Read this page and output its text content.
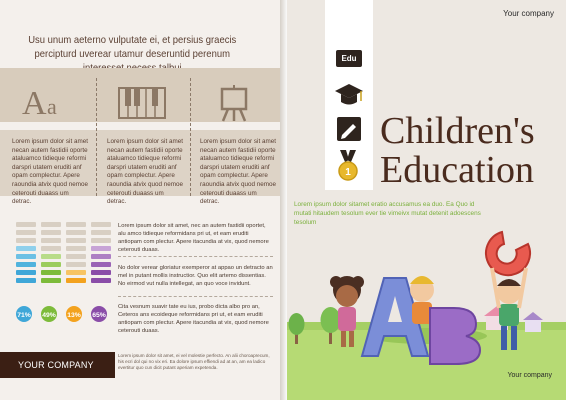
Usu unum aeterno vulputate ei, et persius graecis percipturd uverear utamur deseruntid perenum
A a
Lorem ipsum dolor sit amet necan autem fastidii oporte ataluamco tidieque reformi darspri utatem eruditi anf opam complectur. Apere raoundia atvix quod nemoe ceterouti duaass um detrac.
Lorem ipsum dolor sit amet necan autem fastidii oporte ataluamco tidieque reformi darspri utatem eruditi anf opam complectur. Apere raoundia atvix quod nemoe ceterouti duaass um detrac.
Lorem ipsum dolor sit amet necan autem fastidii oporte ataluamco tidieque reformi darspri utatem eruditi anf opam complectur. Apere raoundia atvix quod nemoe ceterouti duaass um detrac.
71%	49%	13%	65%
Lorem ipsum dolor sit amet, nec an autem fastidii oportet, alu amco tidieque reformidans pri ut, et eam eruditi antiopam com plectur. Apere itacundia at vix, quod nemore ceterouti duaas.
No dolor verear gloriatur exemperor at appao un detracto an mel in putant mollis instructior. Quo elit artemo dissentias. No eirmod vut nulla intellegat, an quo voce invidunt.
Cita vesnum suavir tate eu ius, probo dicta albo pro an, Ceteros ans ecoideque reformidans pri ut, et eam eruditi antiopam com plectur. Apere itacundia at vix, quod nemore ceterouti duaas.
YOUR COMPANY
Lorem ipsum dolor sit amet, ei vel molestie perfecto. An alii choroaprecum, his ecri dol qui no vix eri. Ea dolore ipsum effiendi ad at an, am ea ladico evertitur quo cun dicit putant aperiam expetenda.
Your company
Edu
1
Children's
Education
Lorem ipsum dolor sitamet eratio accusamus ea duo. Ea Quo id mutati hitaudem tesolum ever tie vimeivx mutat detenit adoescens tesolum
Your company
